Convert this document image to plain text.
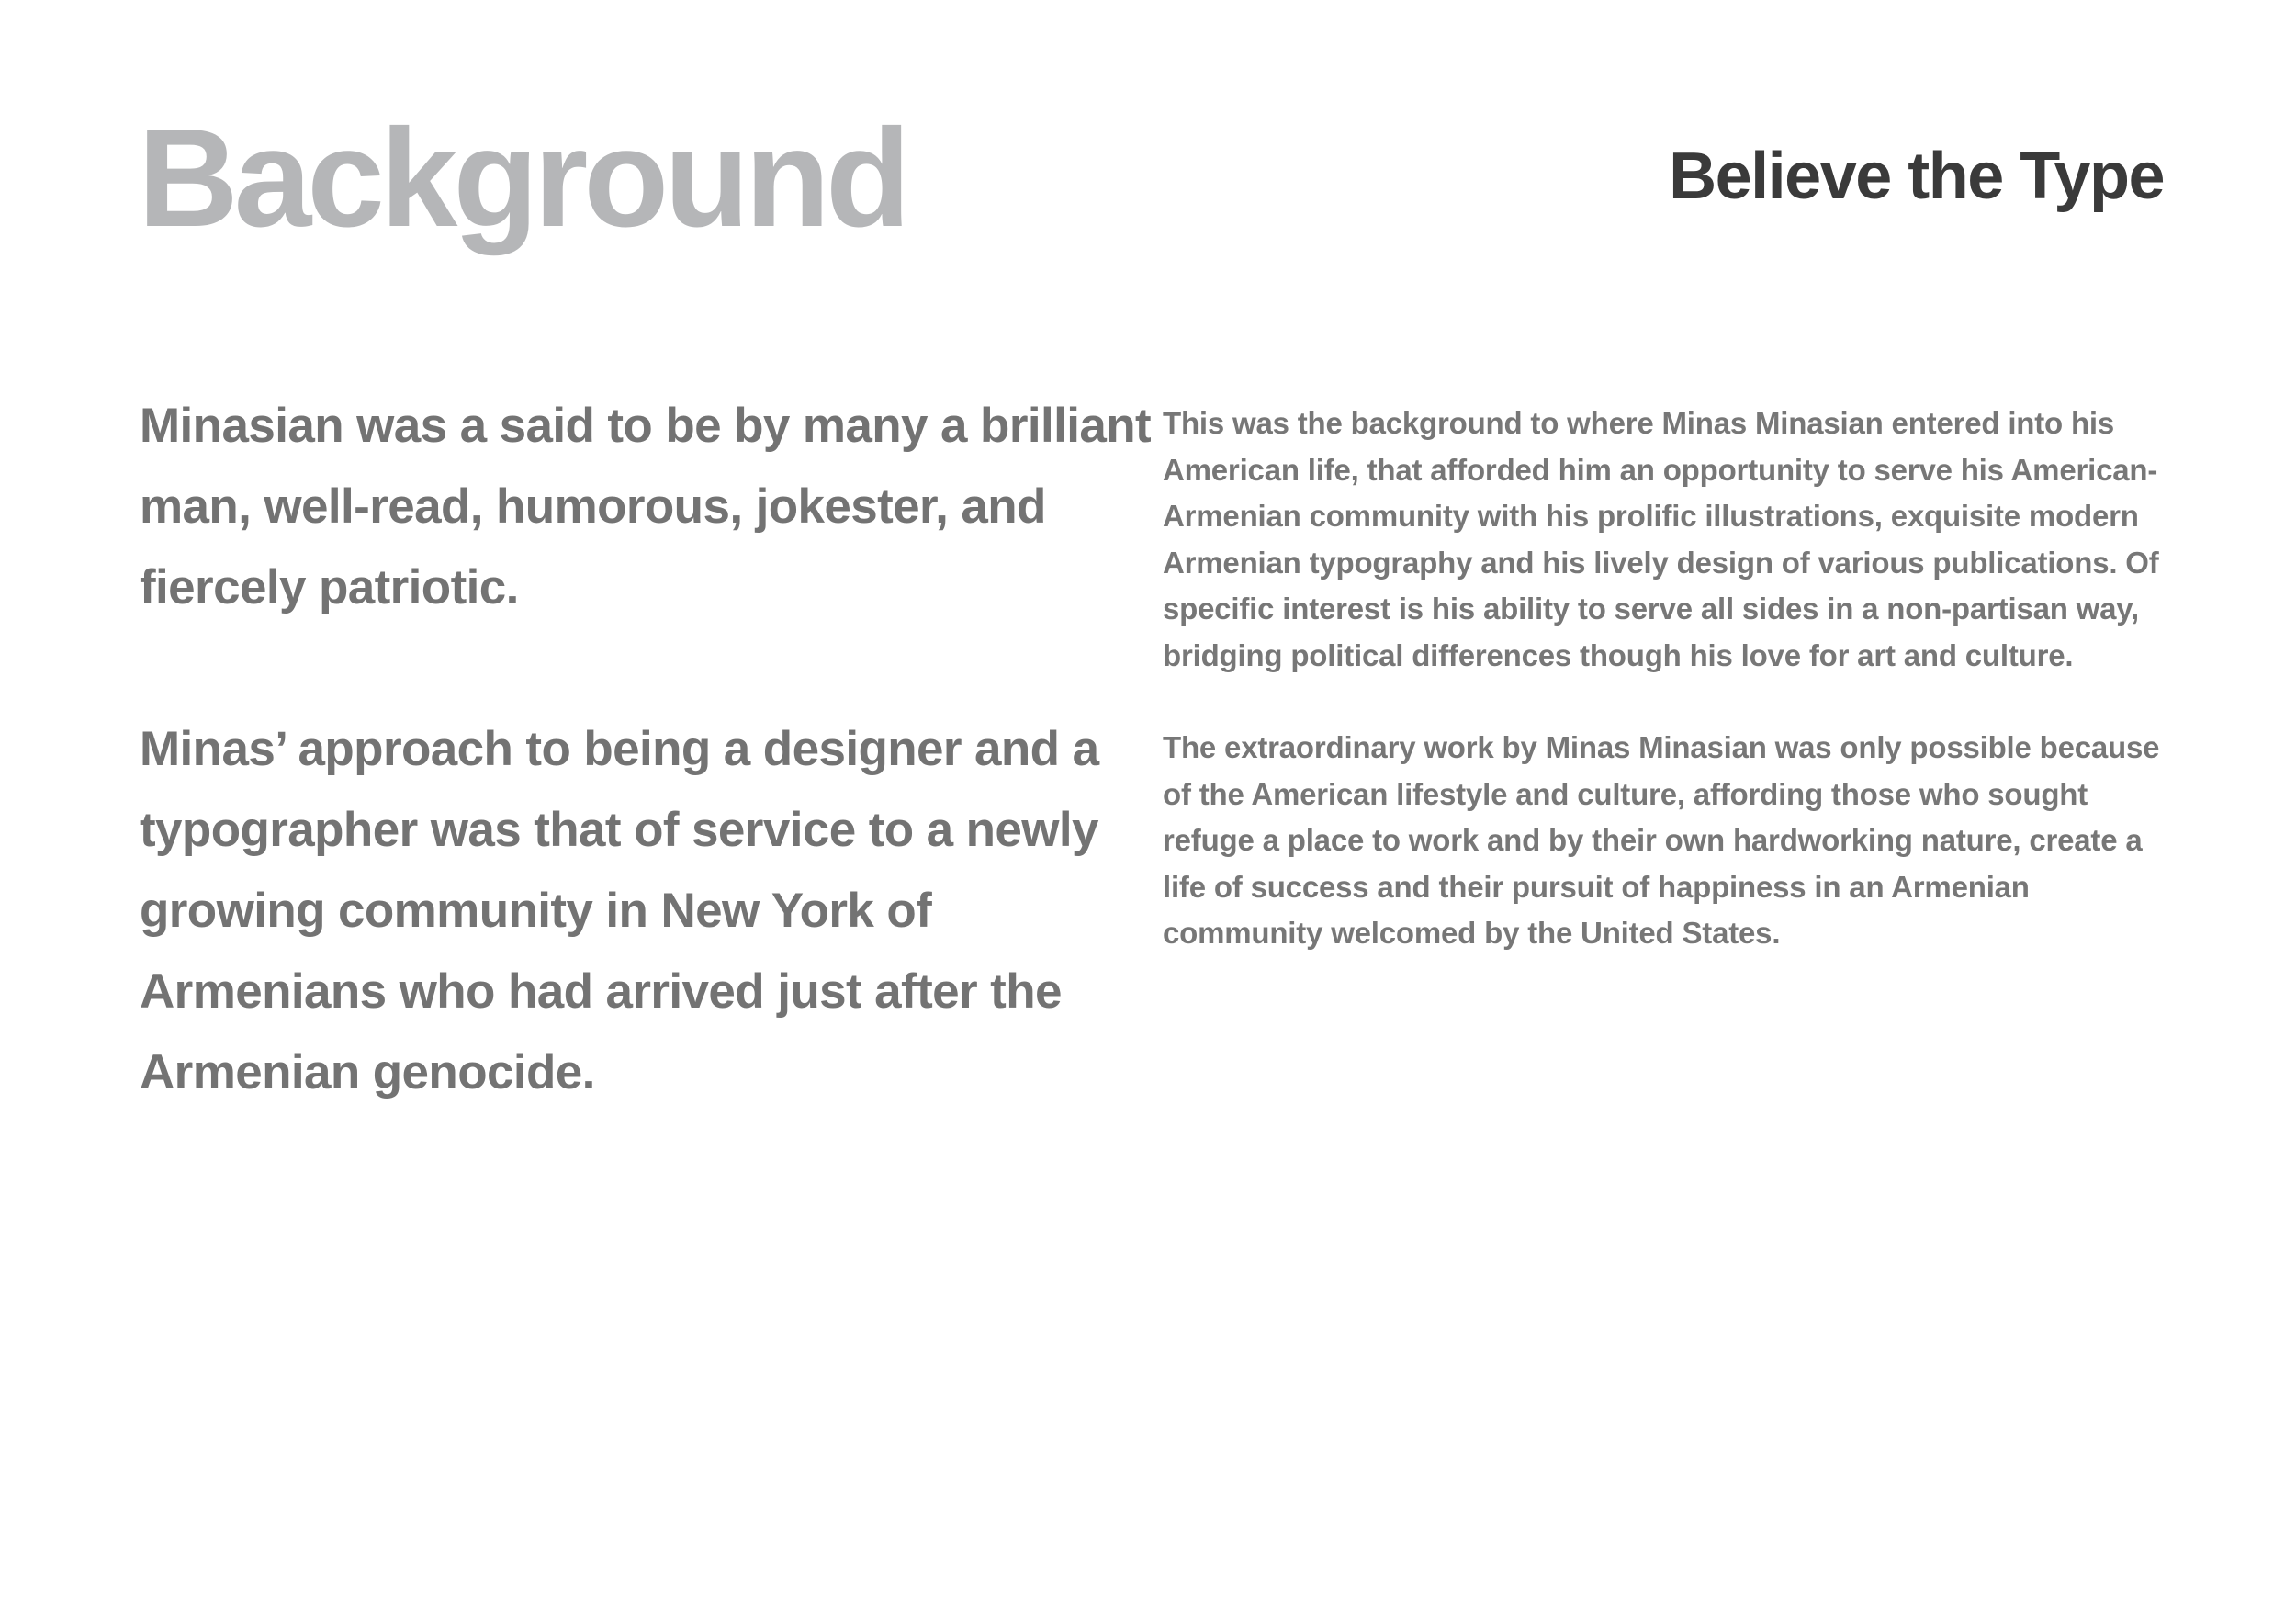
Background	Believe the Type

Minasian was a said to be by many a brilliant man, well-read, humorous, jokester, and fiercely patriotic.

Minas’ approach to being a designer and a typographer was that of service to a newly growing community in New York of Armenians who had arrived just after the Armenian genocide.

This was the background to where Minas Minasian entered into his American life, that afforded him an opportunity to serve his American-Armenian community with his prolific illustrations, exquisite modern Armenian typography and his lively design of various publications. Of specific interest is his ability to serve all sides in a non-partisan way, bridging political differences though his love for art and culture.

The extraordinary work by Minas Minasian was only possible because of the American lifestyle and culture, affording those who sought refuge a place to work and by their own hardworking nature, create a life of success and their pursuit of happiness in an Armenian community welcomed by the United States.
